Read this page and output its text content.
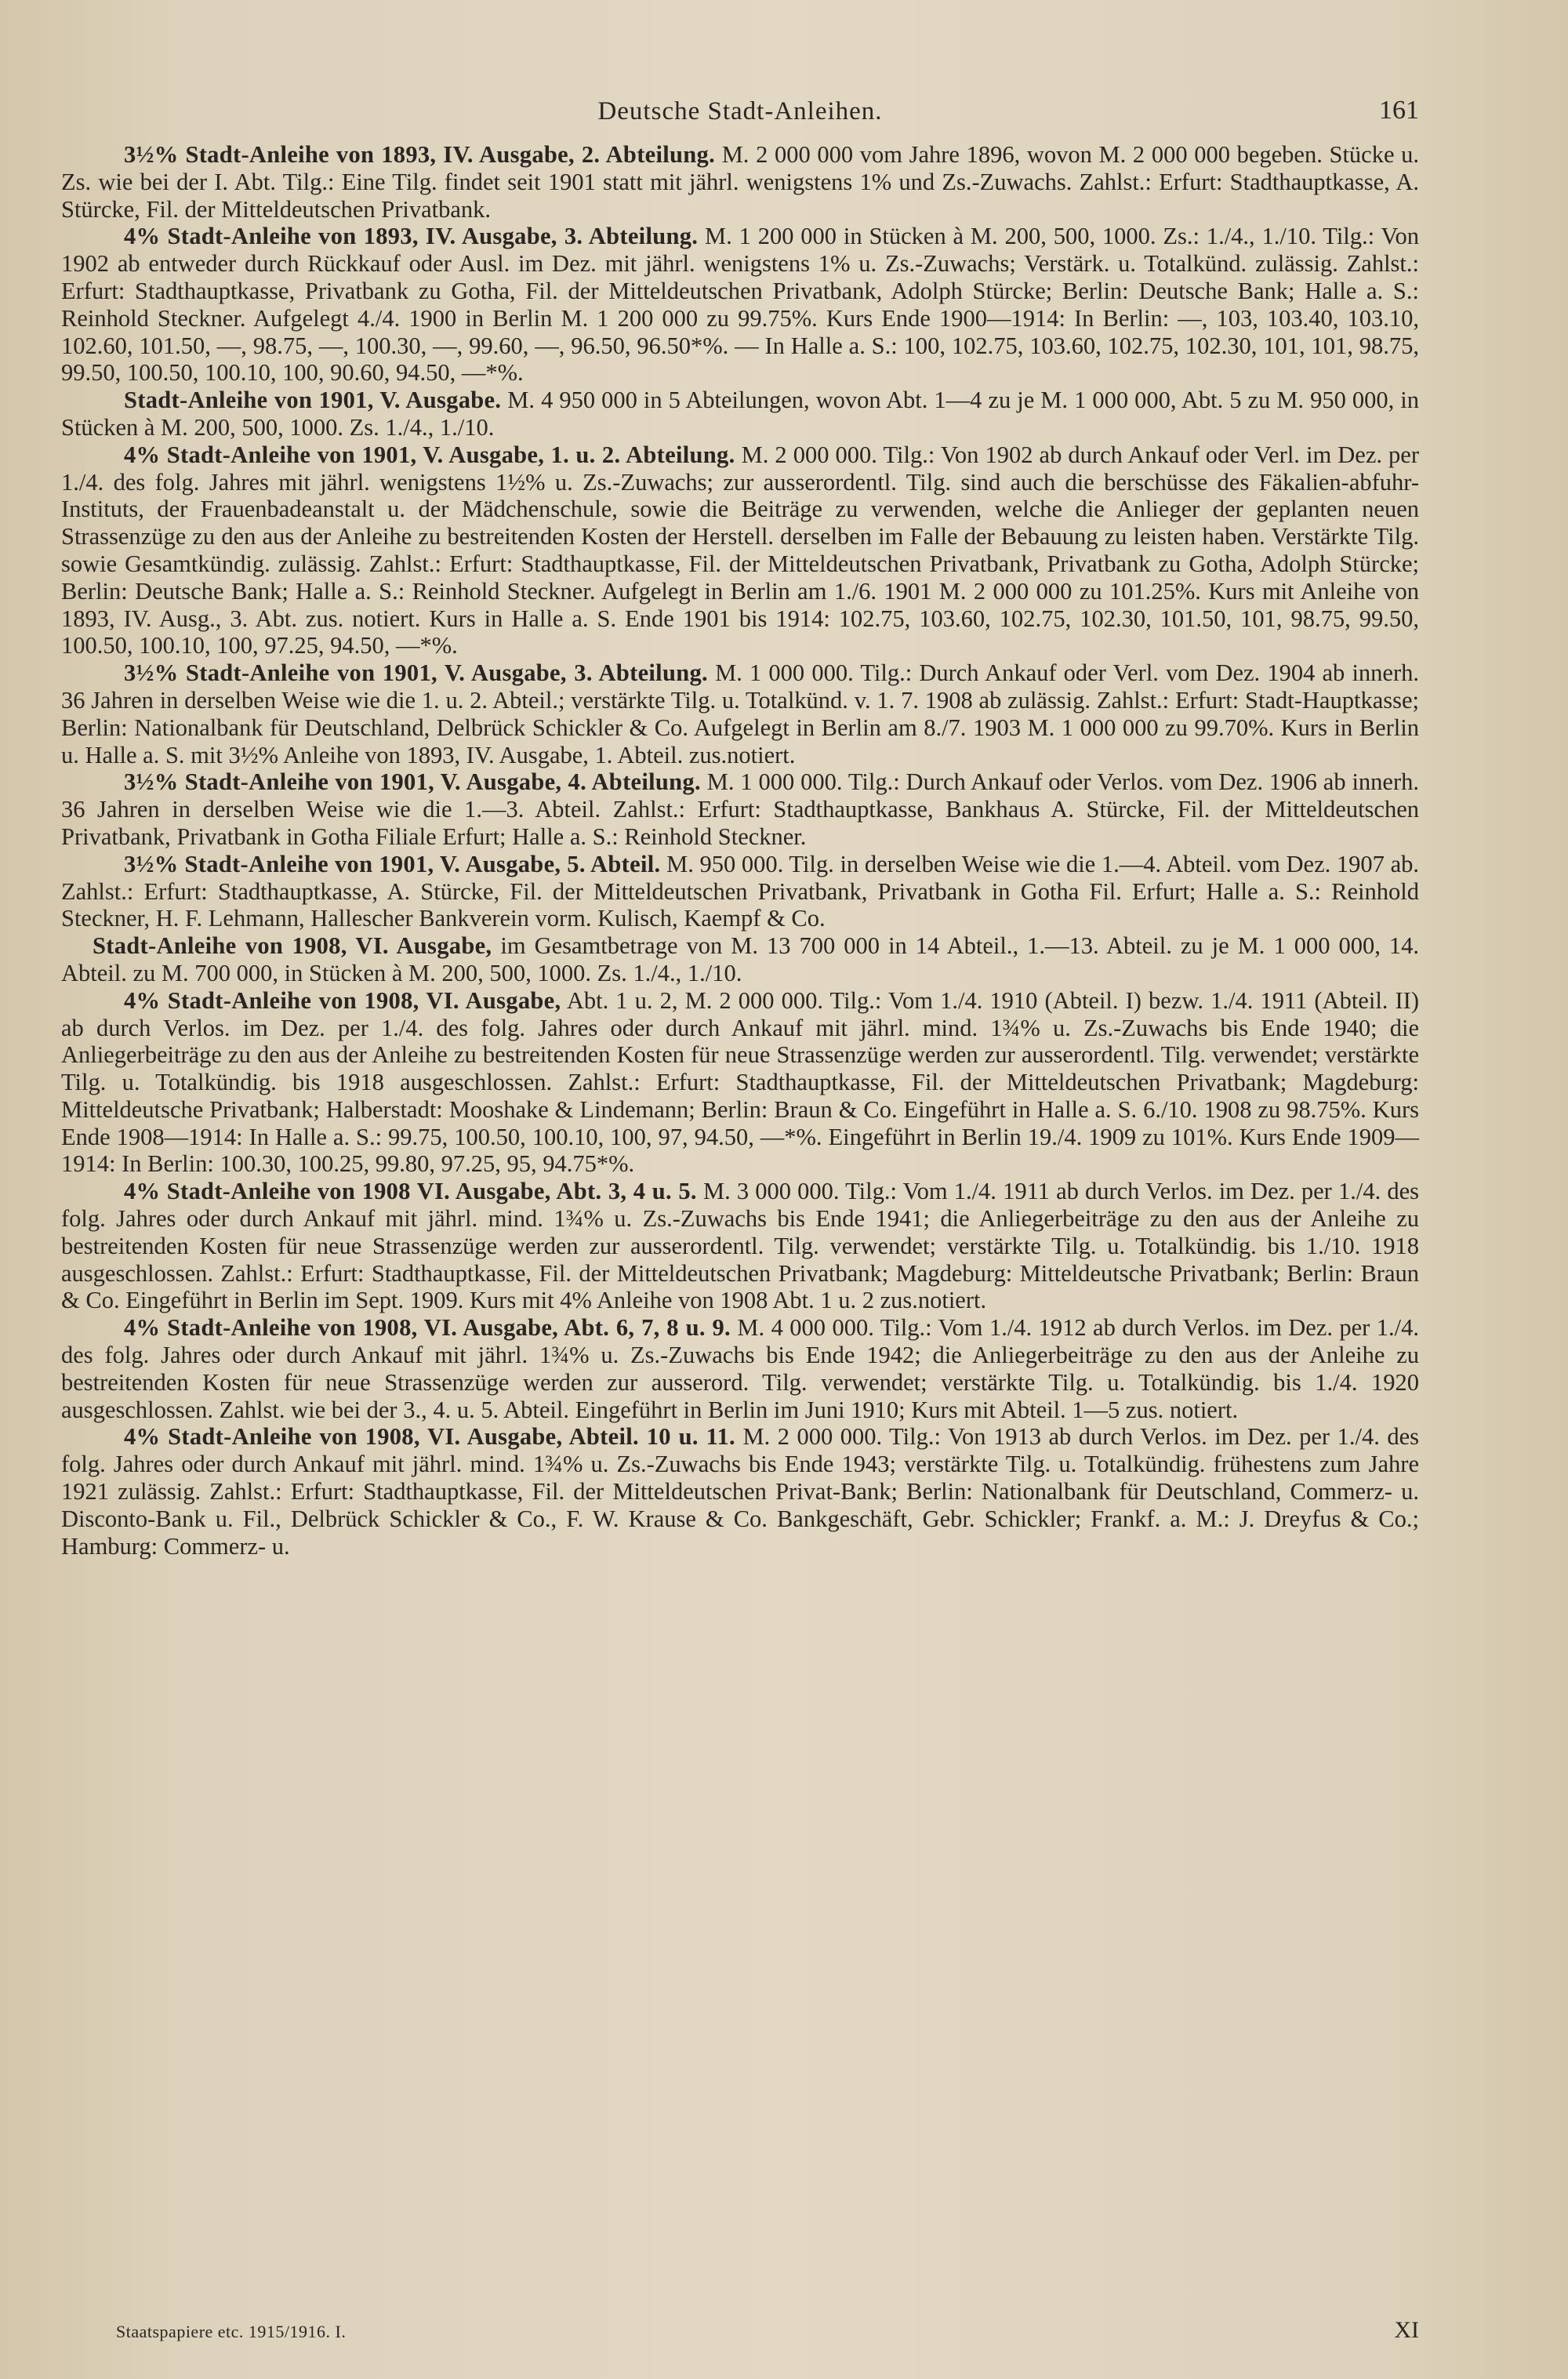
Deutsche Stadt-Anleihen.	161

3½% Stadt-Anleihe von 1893, IV. Ausgabe, 2. Abteilung. M. 2 000 000 vom Jahre 1896, wovon M. 2 000 000 begeben. Stücke u. Zs. wie bei der I. Abt. Tilg.: Eine Tilg. findet seit 1901 statt mit jährl. wenigstens 1% und Zs.-Zuwachs. Zahlst.: Erfurt: Stadthauptkasse, A. Stürcke, Fil. der Mitteldeutschen Privatbank.

4% Stadt-Anleihe von 1893, IV. Ausgabe, 3. Abteilung. M. 1 200 000 in Stücken à M. 200, 500, 1000. Zs.: 1./4., 1./10. Tilg.: Von 1902 ab entweder durch Rückkauf oder Ausl. im Dez. mit jährl. wenigstens 1% u. Zs.-Zuwachs; Verstärk. u. Totalkünd. zulässig. Zahlst.: Erfurt: Stadthauptkasse, Privatbank zu Gotha, Fil. der Mitteldeutschen Privatbank, Adolph Stürcke; Berlin: Deutsche Bank; Halle a. S.: Reinhold Steckner. Aufgelegt 4./4. 1900 in Berlin M. 1 200 000 zu 99.75%. Kurs Ende 1900—1914: In Berlin: —, 103, 103.40, 103.10, 102.60, 101.50, —, 98.75, —, 100.30, —, 99.60, —, 96.50, 96.50*%. — In Halle a. S.: 100, 102.75, 103.60, 102.75, 102.30, 101, 101, 98.75, 99.50, 100.50, 100.10, 100, 90.60, 94.50, —*%.

Stadt-Anleihe von 1901, V. Ausgabe. M. 4 950 000 in 5 Abteilungen, wovon Abt. 1—4 zu je M. 1 000 000, Abt. 5 zu M. 950 000, in Stücken à M. 200, 500, 1000. Zs. 1./4., 1./10.

4% Stadt-Anleihe von 1901, V. Ausgabe, 1. u. 2. Abteilung. M. 2 000 000. Tilg.: Von 1902 ab durch Ankauf oder Verl. im Dez. per 1./4. des folg. Jahres mit jährl. wenigstens 1½% u. Zs.-Zuwachs; zur ausserordentl. Tilg. sind auch die berschüsse des Fäkalien-abfuhr-Instituts, der Frauenbadeanstalt u. der Mädchenschule, sowie die Beiträge zu verwenden, welche die Anlieger der geplanten neuen Strassenzüge zu den aus der Anleihe zu bestreitenden Kosten der Herstell. derselben im Falle der Bebauung zu leisten haben. Verstärkte Tilg. sowie Gesamtkündig. zulässig. Zahlst.: Erfurt: Stadthauptkasse, Fil. der Mitteldeutschen Privatbank, Privatbank zu Gotha, Adolph Stürcke; Berlin: Deutsche Bank; Halle a. S.: Reinhold Steckner. Aufgelegt in Berlin am 1./6. 1901 M. 2 000 000 zu 101.25%. Kurs mit Anleihe von 1893, IV. Ausg., 3. Abt. zus. notiert. Kurs in Halle a. S. Ende 1901 bis 1914: 102.75, 103.60, 102.75, 102.30, 101.50, 101, 98.75, 99.50, 100.50, 100.10, 100, 97.25, 94.50, —*%.

3½% Stadt-Anleihe von 1901, V. Ausgabe, 3. Abteilung. M. 1 000 000. Tilg.: Durch Ankauf oder Verl. vom Dez. 1904 ab innerh. 36 Jahren in derselben Weise wie die 1. u. 2. Abteil.; verstärkte Tilg. u. Totalkünd. v. 1. 7. 1908 ab zulässig. Zahlst.: Erfurt: Stadt-Hauptkasse; Berlin: Nationalbank für Deutschland, Delbrück Schickler & Co. Aufgelegt in Berlin am 8./7. 1903 M. 1 000 000 zu 99.70%. Kurs in Berlin u. Halle a. S. mit 3½% Anleihe von 1893, IV. Ausgabe, 1. Abteil. zus.notiert.

3½% Stadt-Anleihe von 1901, V. Ausgabe, 4. Abteilung. M. 1 000 000. Tilg.: Durch Ankauf oder Verlos. vom Dez. 1906 ab innerh. 36 Jahren in derselben Weise wie die 1.—3. Abteil. Zahlst.: Erfurt: Stadthauptkasse, Bankhaus A. Stürcke, Fil. der Mitteldeutschen Privatbank, Privatbank in Gotha Filiale Erfurt; Halle a. S.: Reinhold Steckner.

3½% Stadt-Anleihe von 1901, V. Ausgabe, 5. Abteil. M. 950 000. Tilg. in derselben Weise wie die 1.—4. Abteil. vom Dez. 1907 ab. Zahlst.: Erfurt: Stadthauptkasse, A. Stürcke, Fil. der Mitteldeutschen Privatbank, Privatbank in Gotha Fil. Erfurt; Halle a. S.: Reinhold Steckner, H. F. Lehmann, Hallescher Bankverein vorm. Kulisch, Kaempf & Co.

Stadt-Anleihe von 1908, VI. Ausgabe, im Gesamtbetrage von M. 13 700 000 in 14 Abteil., 1.—13. Abteil. zu je M. 1 000 000, 14. Abteil. zu M. 700 000, in Stücken à M. 200, 500, 1000. Zs. 1./4., 1./10.

4% Stadt-Anleihe von 1908, VI. Ausgabe, Abt. 1 u. 2, M. 2 000 000. Tilg.: Vom 1./4. 1910 (Abteil. I) bezw. 1./4. 1911 (Abteil. II) ab durch Verlos. im Dez. per 1./4. des folg. Jahres oder durch Ankauf mit jährl. mind. 1¾% u. Zs.-Zuwachs bis Ende 1940; die Anliegerbeiträge zu den aus der Anleihe zu bestreitenden Kosten für neue Strassenzüge werden zur ausserordentl. Tilg. verwendet; verstärkte Tilg. u. Totalkündig. bis 1918 ausgeschlossen. Zahlst.: Erfurt: Stadthauptkasse, Fil. der Mitteldeutschen Privatbank; Magdeburg: Mitteldeutsche Privatbank; Halberstadt: Mooshake & Lindemann; Berlin: Braun & Co. Eingeführt in Halle a. S. 6./10. 1908 zu 98.75%. Kurs Ende 1908—1914: In Halle a. S.: 99.75, 100.50, 100.10, 100, 97, 94.50, —*%. Eingeführt in Berlin 19./4. 1909 zu 101%. Kurs Ende 1909—1914: In Berlin: 100.30, 100.25, 99.80, 97.25, 95, 94.75*%.

4% Stadt-Anleihe von 1908 VI. Ausgabe, Abt. 3, 4 u. 5. M. 3 000 000. Tilg.: Vom 1./4. 1911 ab durch Verlos. im Dez. per 1./4. des folg. Jahres oder durch Ankauf mit jährl. mind. 1¾% u. Zs.-Zuwachs bis Ende 1941; die Anliegerbeiträge zu den aus der Anleihe zu bestreitenden Kosten für neue Strassenzüge werden zur ausserordentl. Tilg. verwendet; verstärkte Tilg. u. Totalkündig. bis 1./10. 1918 ausgeschlossen. Zahlst.: Erfurt: Stadthauptkasse, Fil. der Mitteldeutschen Privatbank; Magdeburg: Mitteldeutsche Privatbank; Berlin: Braun & Co. Eingeführt in Berlin im Sept. 1909. Kurs mit 4% Anleihe von 1908 Abt. 1 u. 2 zus.notiert.

4% Stadt-Anleihe von 1908, VI. Ausgabe, Abt. 6, 7, 8 u. 9. M. 4 000 000. Tilg.: Vom 1./4. 1912 ab durch Verlos. im Dez. per 1./4. des folg. Jahres oder durch Ankauf mit jährl. 1¾% u. Zs.-Zuwachs bis Ende 1942; die Anliegerbeiträge zu den aus der Anleihe zu bestreitenden Kosten für neue Strassenzüge werden zur ausserord. Tilg. verwendet; verstärkte Tilg. u. Totalkündig. bis 1./4. 1920 ausgeschlossen. Zahlst. wie bei der 3., 4. u. 5. Abteil. Eingeführt in Berlin im Juni 1910; Kurs mit Abteil. 1—5 zus. notiert.

4% Stadt-Anleihe von 1908, VI. Ausgabe, Abteil. 10 u. 11. M. 2 000 000. Tilg.: Von 1913 ab durch Verlos. im Dez. per 1./4. des folg. Jahres oder durch Ankauf mit jährl. mind. 1¾% u. Zs.-Zuwachs bis Ende 1943; verstärkte Tilg. u. Totalkündig. frühestens zum Jahre 1921 zulässig. Zahlst.: Erfurt: Stadthauptkasse, Fil. der Mitteldeutschen Privat-Bank; Berlin: Nationalbank für Deutschland, Commerz- u. Disconto-Bank u. Fil., Delbrück Schickler & Co., F. W. Krause & Co. Bankgeschäft, Gebr. Schickler; Frankf. a. M.: J. Dreyfus & Co.; Hamburg: Commerz- u.

Staatspapiere etc. 1915/1916. I.	XI
